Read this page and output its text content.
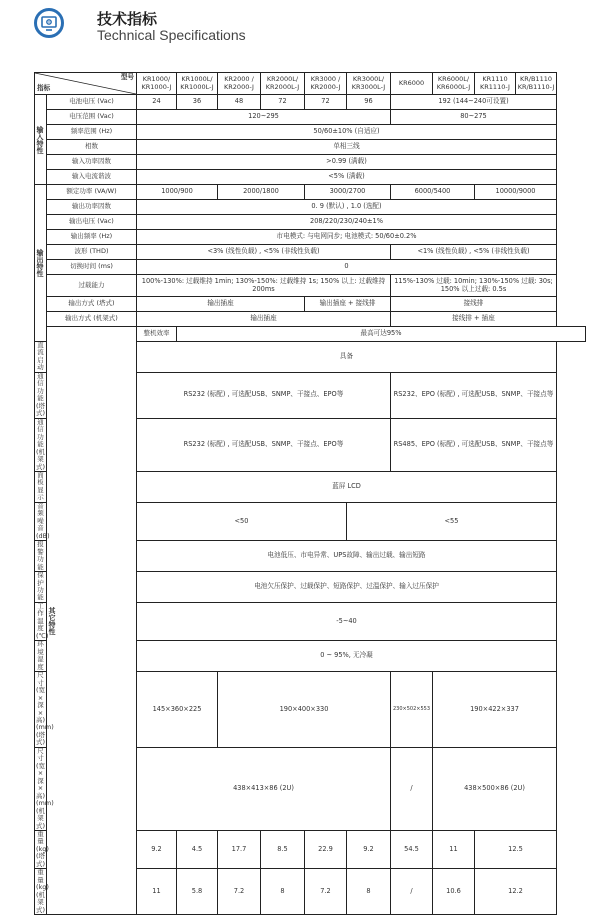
技术指标
Technical Specifications
型号
指标		KR1000/ KR1000-J	KR1000L/ KR1000L-J	KR2000 / KR2000-J	KR2000L/ KR2000L-J	KR3000 / KR2000-J	KR3000L/ KR3000L-J	KR6000	KR6000L/ KR6000L-J	KR1110 KR1110-J	KR/B1110 KR/B1110-J

输入特性	电池电压 (Vac)	24	36	48	72	72	96	192 (144~240可设置)			
	电压范围 (Vac)	120~295						80~275			
	频率范围 (Hz)	50/60±10% (自适应)									
	相数	单相三线									
	输入功率因数	>0.99 (满载)									
	输入电流谐波	<5% (满载)									

输出特性	额定功率 (VA/W)	1000/900		2000/1800		3000/2700		6000/5400		10000/9000	
	输出功率因数	0. 9 (默认) , 1.0 (选配)									
	输出电压 (Vac)	208/220/230/240±1%									
	输出频率 (Hz)	市电模式: 与电网同步; 电池模式: 50/60±0.2%									
	波形 (THD)	<3% (线性负载) , <5% (非线性负载)						<1% (线性负载) , <5% (非线性负载)			
	切换时间 (ms)	0									
	过载能力	100%-130%: 过载维持 1min; 130%-150%: 过载维持 1s; 150% 以上: 过载维持 200ms						115%-130% 过载: 10min; 130%-150% 过载: 30s; 150% 以上过载: 0.5s			
	输出方式 (塔式)	输出插座				输出插座 + 接线排		接线排			
	输出方式 (机架式)	输出插座						接线排 + 插座			

	其它特性	整机效率	最高可达95%								
直流启动		具备									
通信功能 (塔式)		RS232 (标配) , 可选配USB、SNMP、干接点、EPO等						RS232、EPO (标配) , 可选配USB、SNMP、干接点等			
通信功能 (机架式)		RS232 (标配) , 可选配USB、SNMP、干接点、EPO等						RS485、EPO (标配) , 可选配USB、SNMP、干接点等			
面板显示		蓝屏 LCD									
音频噪音 (dB)		<50					<55				
报警功能		电池低压、市电异常、UPS故障、输出过载、输出短路									
保护功能		电池欠压保护、过载保护、短路保护、过温保护、输入过压保护									
工作温度 (℃)		-5~40									
环境湿度		0 ~ 95%, 无冷凝									
尺寸 (宽×深×高) (mm) (塔式)		145×360×225		190×400×330				230×502×553	190×422×337		
尺寸 (宽×深×高) (mm) (机架式)		438×413×86 (2U)						/	438×500×86 (2U)		
重量 (kg) (塔式)		9.2	4.5	17.7	8.5	22.9	9.2	54.5	11	12.5	
重量 (kg) (机架式)		11	5.8	7.2	8	7.2	8	/	10.6	12.2	
